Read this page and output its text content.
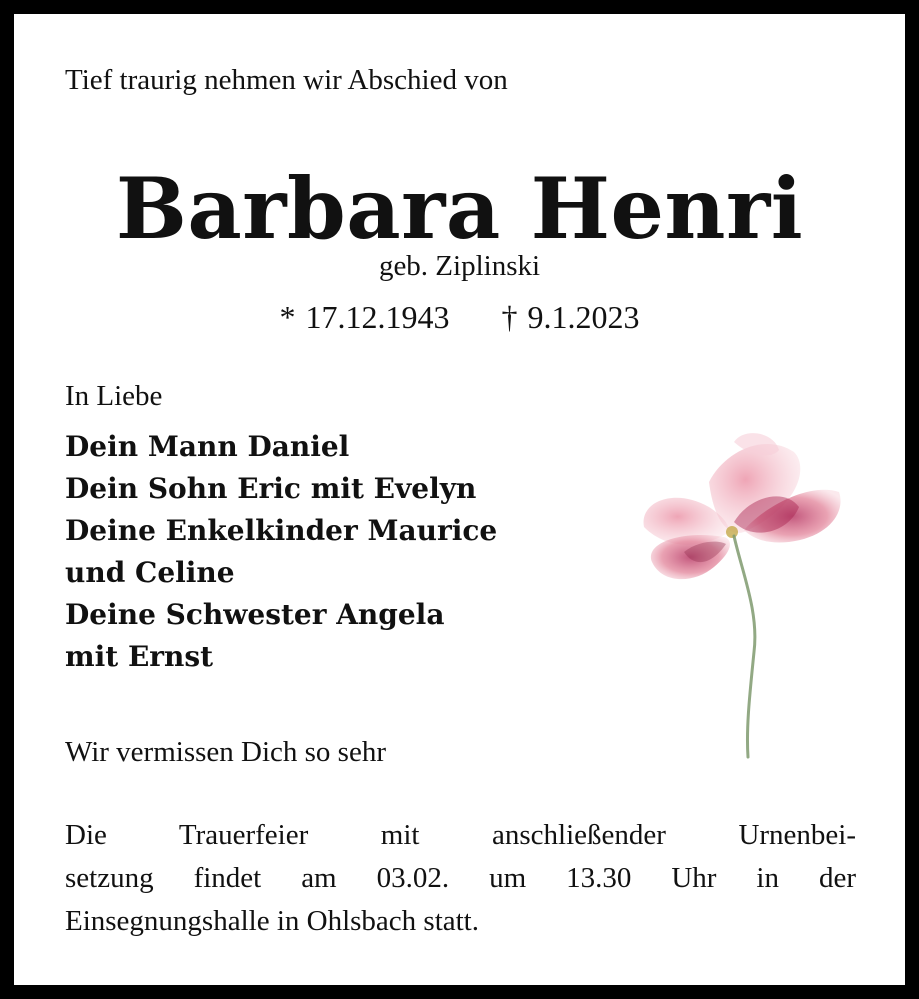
Tief traurig nehmen wir Abschied von
Barbara Henri
geb. Ziplinski
* 17.12.1943 † 9.1.2023
In Liebe
Dein Mann Daniel
Dein Sohn Eric mit Evelyn
Deine Enkelkinder Maurice
und Celine
Deine Schwester Angela
mit Ernst
Wir vermissen Dich so sehr
Die Trauerfeier mit anschließender Urnenbei-
setzung findet am 03.02. um 13.30 Uhr in der
Einsegnungshalle in Ohlsbach statt.
